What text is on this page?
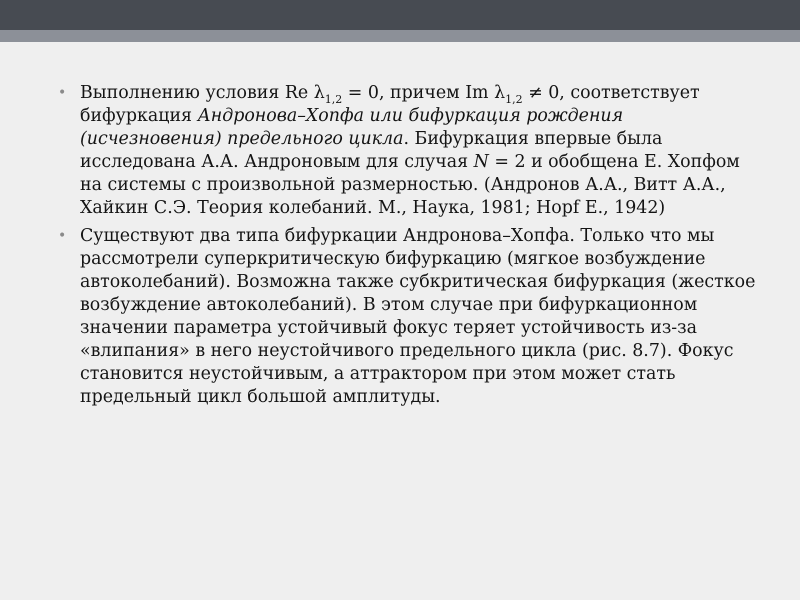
• Выполнению условия Re $\lambda_{1,2} = 0$, причем Im $\lambda_{1,2} \ne 0$, соответствует бифуркация Андронова–Хопфа или бифуркация рождения (исчезновения) предельного цикла. Бифуркация впервые была исследована А.А. Андроновым для случая N = 2 и обобщена Е. Хопфом на системы с произвольной размерностью. (Андронов А.А., Витт А.А., Хайкин С.Э. Теория колебаний. М., Наука, 1981; Hopf E., 1942)
• Существуют два типа бифуркации Андронова–Хопфа. Только что мы рассмотрели суперкритическую бифуркацию (мягкое возбуждение автоколебаний). Возможна также субкритическая бифуркация (жесткое возбуждение автоколебаний). В этом случае при бифуркационном значении параметра устойчивый фокус теряет устойчивость из-за «влипания» в него неустойчивого предельного цикла (рис. 8.7). Фокус становится неустойчивым, а аттрактором при этом может стать предельный цикл большой амплитуды.
